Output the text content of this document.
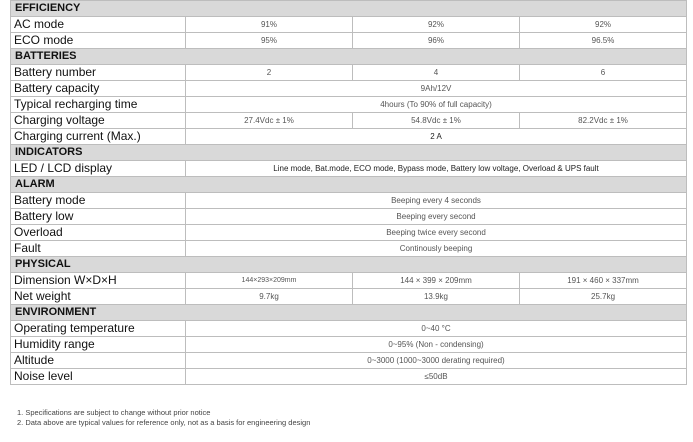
EFFICIENCY			
AC mode	91%	92%	92%
ECO mode	95%	96%	96.5%
BATTERIES			
Battery number	2	4	6
Battery capacity	9Ah/12V		
Typical recharging time	4hours (To 90% of full capacity)		
Charging voltage	27.4Vdc ± 1%	54.8Vdc ± 1%	82.2Vdc ± 1%
Charging current (Max.)	2 A		
INDICATORS			
LED / LCD display	Line mode, Bat.mode, ECO mode, Bypass mode, Battery low voltage, Overload & UPS fault		
ALARM			
Battery mode	Beeping every 4 seconds		
Battery low	Beeping every second		
Overload	Beeping twice every second		
Fault	Continously beeping		
PHYSICAL			
Dimension W×D×H	144×293×209mm	144 × 399 × 209mm	191 × 460 × 337mm
Net weight	9.7kg	13.9kg	25.7kg
ENVIRONMENT			
Operating temperature	0~40 °C		
Humidity range	0~95% (Non - condensing)		
Altitude	0~3000 (1000~3000 derating required)		
Noise level	≤50dB		
1. Specifications are subject to change without prior notice
2. Data above are typical values for reference only, not as a basis for engineering design
